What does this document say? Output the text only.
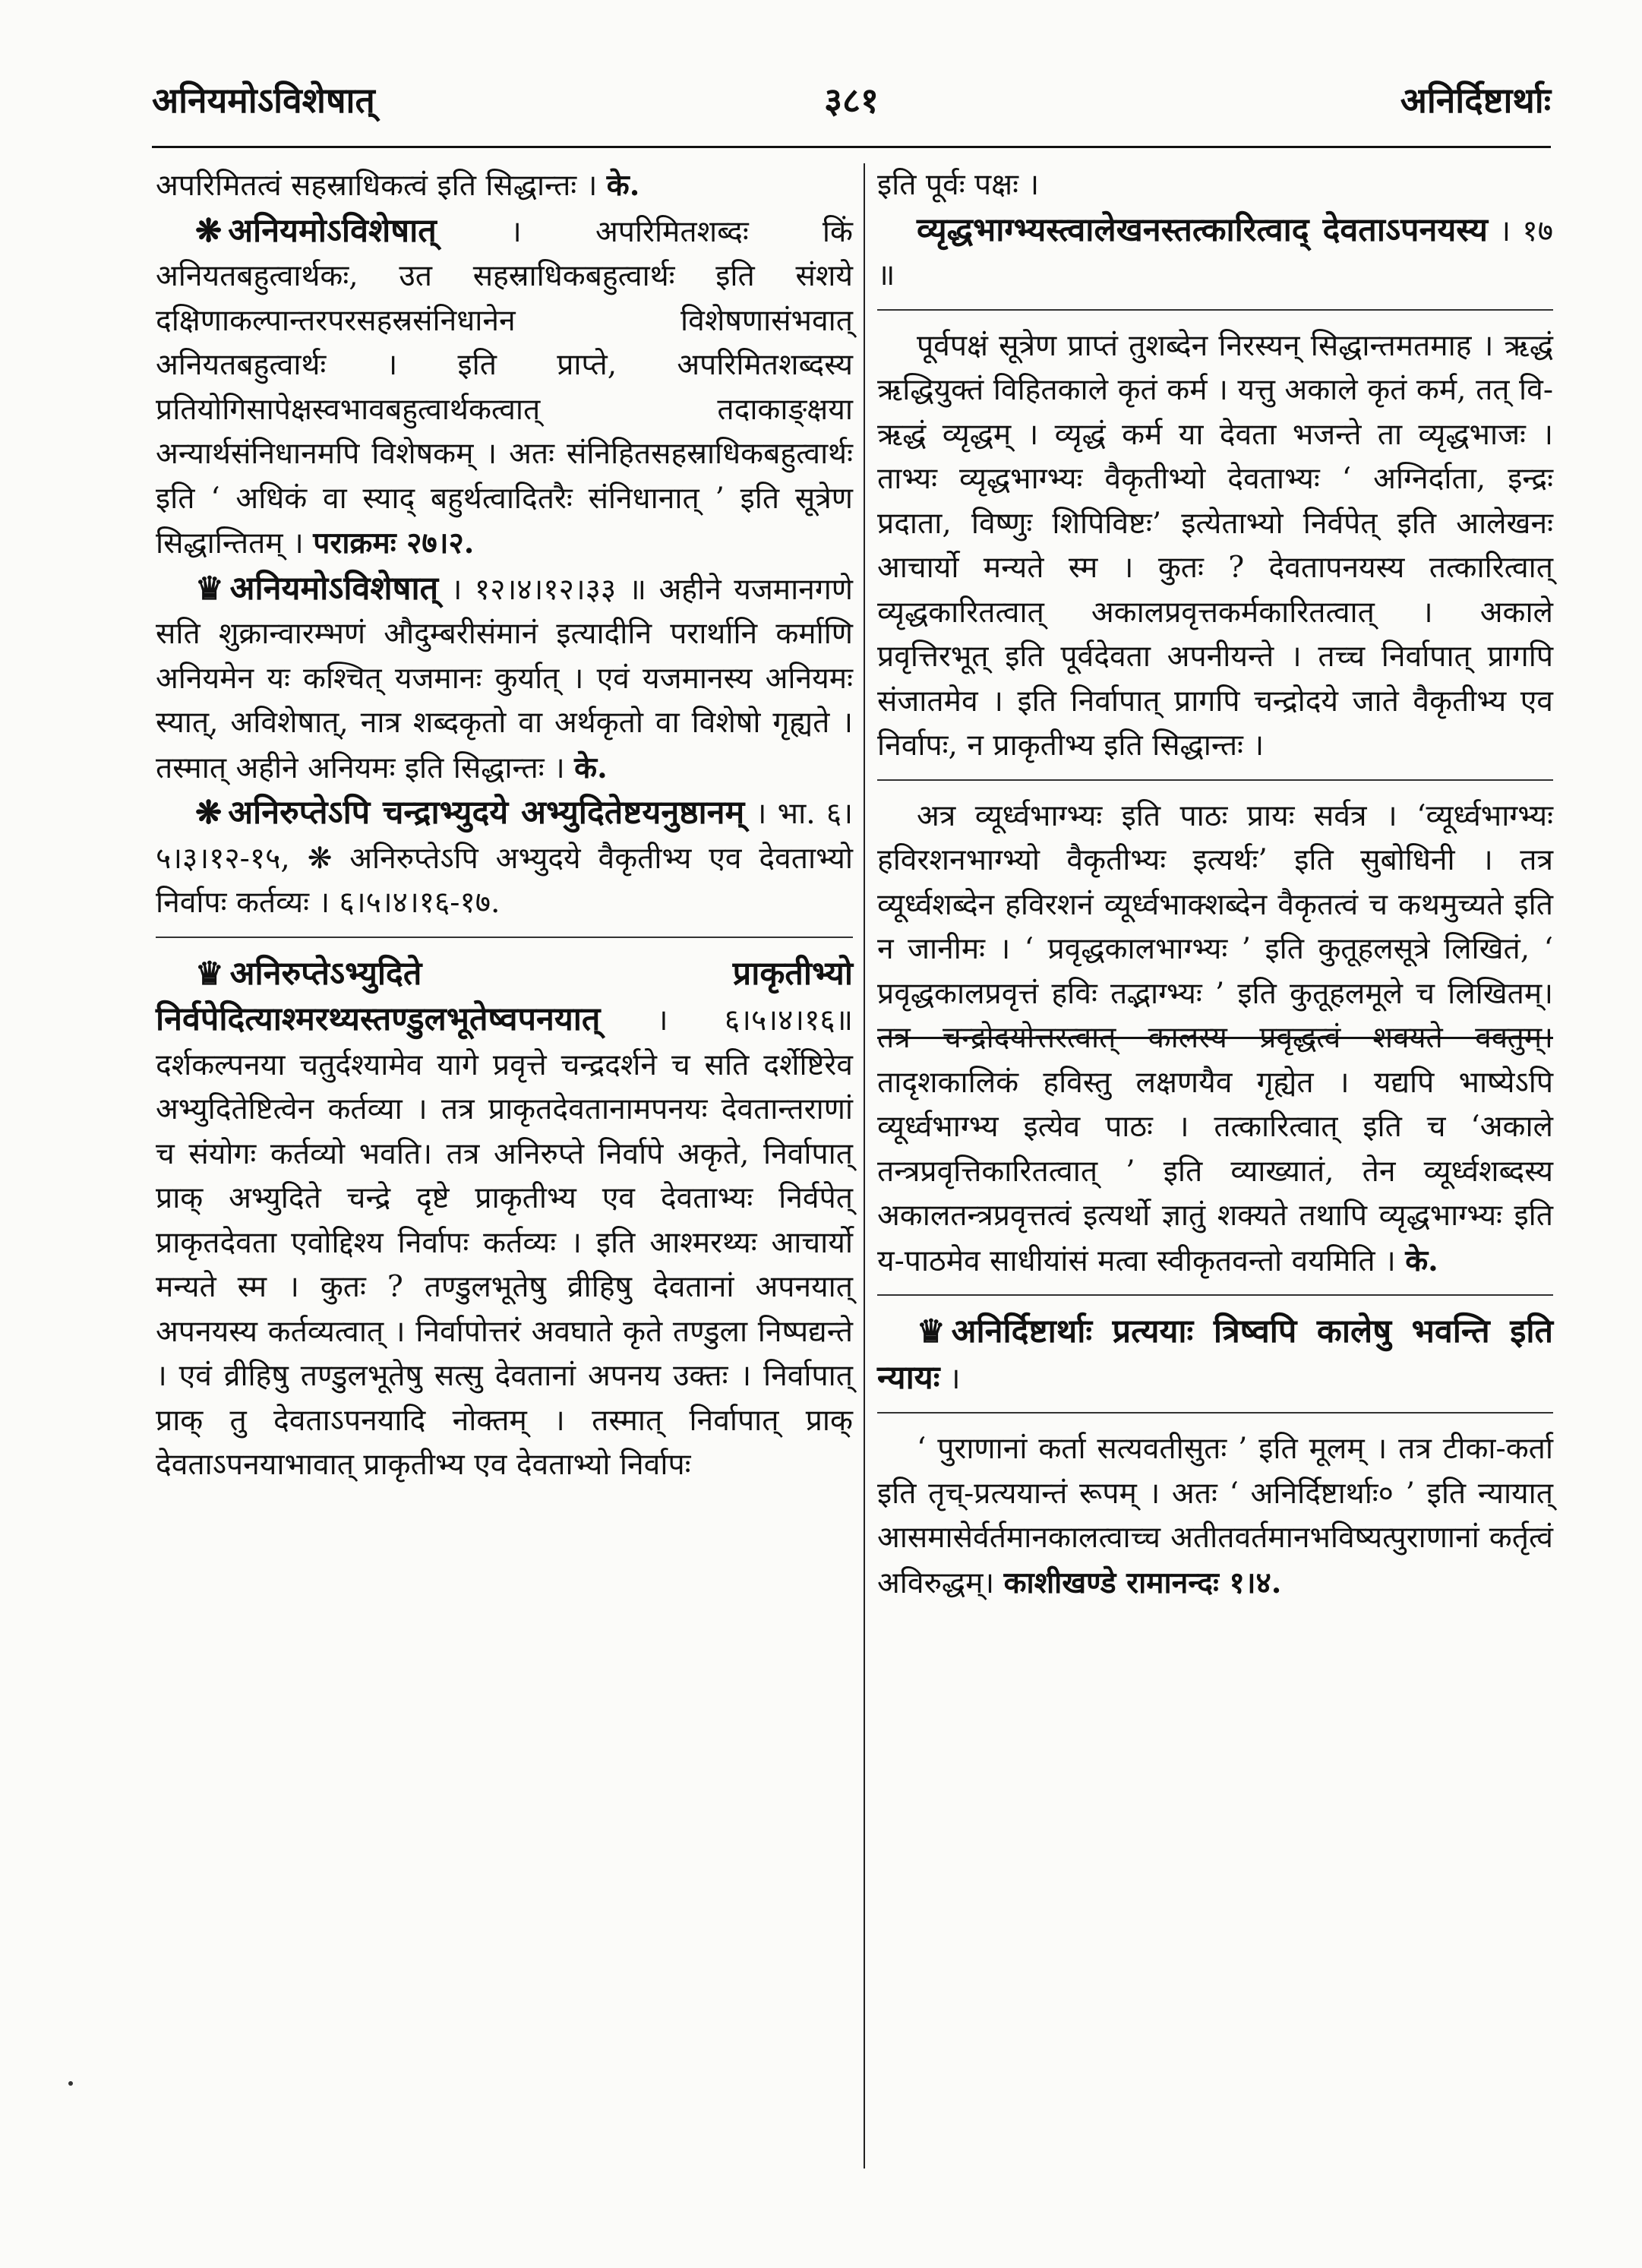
अनियमोऽविशेषात्	३८१	अनिर्दिष्टार्थाः

अपरिमितत्वं सहस्राधिकत्वं इति सिद्धान्तः । के.

❋ अनियमोऽविशेषात् । अपरिमितशब्दः किं अनियतबहुत्वार्थकः, उत सहस्राधिकबहुत्वार्थः इति संशये दक्षिणाकल्पान्तरपरसहस्रसंनिधानेन विशेषणासंभवात् अनियतबहुत्वार्थः । इति प्राप्ते, अपरिमितशब्दस्य प्रतियोगिसापेक्षस्वभावबहुत्वार्थकत्वात् तदाकाङ्क्षया अन्यार्थसंनिधानमपि विशेषकम् । अतः संनिहितसहस्राधिकबहुत्वार्थः इति ‘ अधिकं वा स्याद् बहुर्थत्वादितरैः संनिधानात् ’ इति सूत्रेण सिद्धान्तितम् । पराक्रमः २७।२.

♛ अनियमोऽविशेषात् । १२।४।१२।३३ ॥ अहीने यजमानगणे सति शुक्रान्वारम्भणं औदुम्बरीसंमानं इत्यादीनि परार्थानि कर्माणि अनियमेन यः कश्चित् यजमानः कुर्यात् । एवं यजमानस्य अनियमः स्यात्, अविशेषात्, नात्र शब्दकृतो वा अर्थकृतो वा विशेषो गृह्यते । तस्मात् अहीने अनियमः इति सिद्धान्तः । के.

❋ अनिरुप्तेऽपि चन्द्राभ्युदये अभ्युदितेष्टयनुष्ठानम् । भा. ६।५।३।१२-१५, ❋ अनिरुप्तेऽपि अभ्युदये वैकृतीभ्य एव देवताभ्यो निर्वापः कर्तव्यः । ६।५।४।१६-१७.

♛ अनिरुप्तेऽभ्युदिते प्राकृतीभ्यो निर्वपेदित्याश्मरथ्यस्तण्डुलभूतेष्वपनयात् । ६।५।४।१६॥ दर्शकल्पनया चतुर्दश्यामेव यागे प्रवृत्ते चन्द्रदर्शने च सति दर्शेष्टिरेव अभ्युदितेष्टित्वेन कर्तव्या । तत्र प्राकृतदेवतानामपनयः देवतान्तराणां च संयोगः कर्तव्यो भवति। तत्र अनिरुप्ते निर्वापे अकृते, निर्वापात् प्राक् अभ्युदिते चन्द्रे दृष्टे प्राकृतीभ्य एव देवताभ्यः निर्वपेत् प्राकृतदेवता एवोद्दिश्य निर्वापः कर्तव्यः । इति आश्मरथ्यः आचार्यो मन्यते स्म । कुतः ? तण्डुलभूतेषु व्रीहिषु देवतानां अपनयात् अपनयस्य कर्तव्यत्वात् । निर्वापोत्तरं अवघाते कृते तण्डुला निष्पद्यन्ते । एवं व्रीहिषु तण्डुलभूतेषु सत्सु देवतानां अपनय उक्तः । निर्वापात् प्राक् तु देवताऽपनयादि नोक्तम् । तस्मात् निर्वापात् प्राक् देवताऽपनयाभावात् प्राकृतीभ्य एव देवताभ्यो निर्वापः

इति पूर्वः पक्षः ।

व्यृद्धभाग्भ्यस्त्वालेखनस्तत्कारित्वाद् देवताऽपनयस्य । १७ ॥

पूर्वपक्षं सूत्रेण प्राप्तं तुशब्देन निरस्यन् सिद्धान्तमतमाह । ऋद्धं ऋद्धियुक्तं विहितकाले कृतं कर्म । यत्तु अकाले कृतं कर्म, तत् वि-ऋद्धं व्यृद्धम् । व्यृद्धं कर्म या देवता भजन्ते ता व्यृद्धभाजः । ताभ्यः व्यृद्धभाग्भ्यः वैकृतीभ्यो देवताभ्यः ‘ अग्निर्दाता, इन्द्रः प्रदाता, विष्णुः शिपिविष्टः’ इत्येताभ्यो निर्वपेत् इति आलेखनः आचार्यो मन्यते स्म । कुतः ? देवतापनयस्य तत्कारित्वात् व्यृद्धकारितत्वात् अकालप्रवृत्तकर्मकारितत्वात् । अकाले प्रवृत्तिरभूत् इति पूर्वदेवता अपनीयन्ते । तच्च निर्वापात् प्रागपि संजातमेव । इति निर्वापात् प्रागपि चन्द्रोदये जाते वैकृतीभ्य एव निर्वापः, न प्राकृतीभ्य इति सिद्धान्तः ।

अत्र व्यूर्ध्वभाग्भ्यः इति पाठः प्रायः सर्वत्र । ‘व्यूर्ध्वभाग्भ्यः हविरशनभाग्भ्यो वैकृतीभ्यः इत्यर्थः’ इति सुबोधिनी । तत्र व्यूर्ध्वशब्देन हविरशनं व्यूर्ध्वभाक्शब्देन वैकृतत्वं च कथमुच्यते इति न जानीमः । ‘ प्रवृद्धकालभाग्भ्यः ’ इति कुतूहलसूत्रे लिखितं, ‘ प्रवृद्धकालप्रवृत्तं हविः तद्भाग्भ्यः ’ इति कुतूहलमूले च लिखितम्। तत्र चन्द्रोदयोत्तरत्वात् कालस्य प्रवृद्धत्वं शक्यते वक्तुम्। तादृशकालिकं हविस्तु लक्षणयैव गृह्येत । यद्यपि भाष्येऽपि व्यूर्ध्वभाग्भ्य इत्येव पाठः । तत्कारित्वात् इति च ‘अकाले तन्त्रप्रवृत्तिकारितत्वात् ’ इति व्याख्यातं, तेन व्यूर्ध्वशब्दस्य अकालतन्त्रप्रवृत्तत्वं इत्यर्थो ज्ञातुं शक्यते तथापि व्यृद्धभाग्भ्यः इति य-पाठमेव साधीयांसं मत्वा स्वीकृतवन्तो वयमिति । के.

♛ अनिर्दिष्टार्थाः प्रत्ययाः त्रिष्वपि कालेषु भवन्ति इति न्यायः ।

‘ पुराणानां कर्ता सत्यवतीसुतः ’ इति मूलम् । तत्र टीका-कर्ता इति तृच्-प्रत्ययान्तं रूपम् । अतः ‘ अनिर्दिष्टार्थाः० ’ इति न्यायात् आसमासेर्वर्तमानकालत्वाच्च अतीतवर्तमानभविष्यत्पुराणानां कर्तृत्वं अविरुद्धम्। काशीखण्डे रामानन्दः १।४.
